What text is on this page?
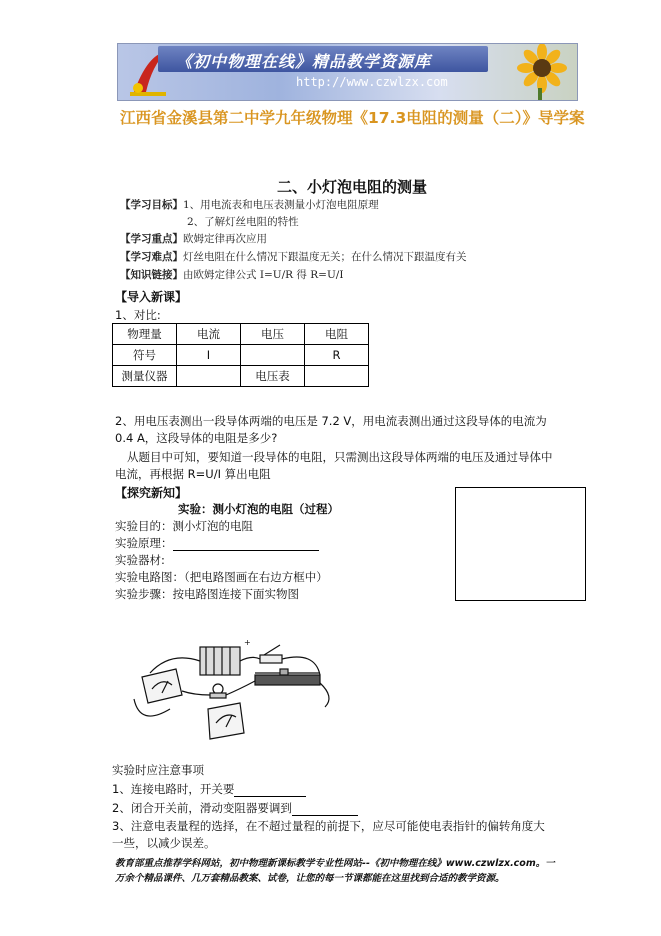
《初中物理在线》精品教学资源库
http://www.czwlzx.com
江西省金溪县第二中学九年级物理《17.3电阻的测量（二）》导学案
二、小灯泡电阻的测量
【学习目标】1、用电流表和电压表测量小灯泡电阻原理
2、了解灯丝电阻的特性
【学习重点】欧姆定律再次应用
【学习难点】灯丝电阻在什么情况下跟温度无关；在什么情况下跟温度有关
【知识链接】由欧姆定律公式 I=U/R 得 R=U/I
【导入新课】
1、对比:
物理量	电流	电压	电阻
符号	I		R
测量仪器		电压表	
2、用电压表测出一段导体两端的电压是 7.2 V，用电流表测出通过这段导体的电流为
0.4 A，这段导体的电阻是多少?
从题目中可知，要知道一段导体的电阻，只需测出这段导体两端的电压及通过导体中
电流，再根据 R=U/I 算出电阻
【探究新知】
实验：测小灯泡的电阻（过程）
实验目的：测小灯泡的电阻
实验原理：
实验器材:
实验电路图：（把电路图画在右边方框中）
实验步骤：按电路图连接下面实物图
+
实验时应注意事项
1、连接电路时，开关要
2、闭合开关前，滑动变阻器要调到
3、注意电表量程的选择，在不超过量程的前提下，应尽可能使电表指针的偏转角度大
一些，以减少误差。
教育部重点推荐学科网站，初中物理新课标教学专业性网站--《初中物理在线》www.czwlzx.com。一
万余个精品课件、几万套精品教案、试卷，让您的每一节课都能在这里找到合适的教学资源。
